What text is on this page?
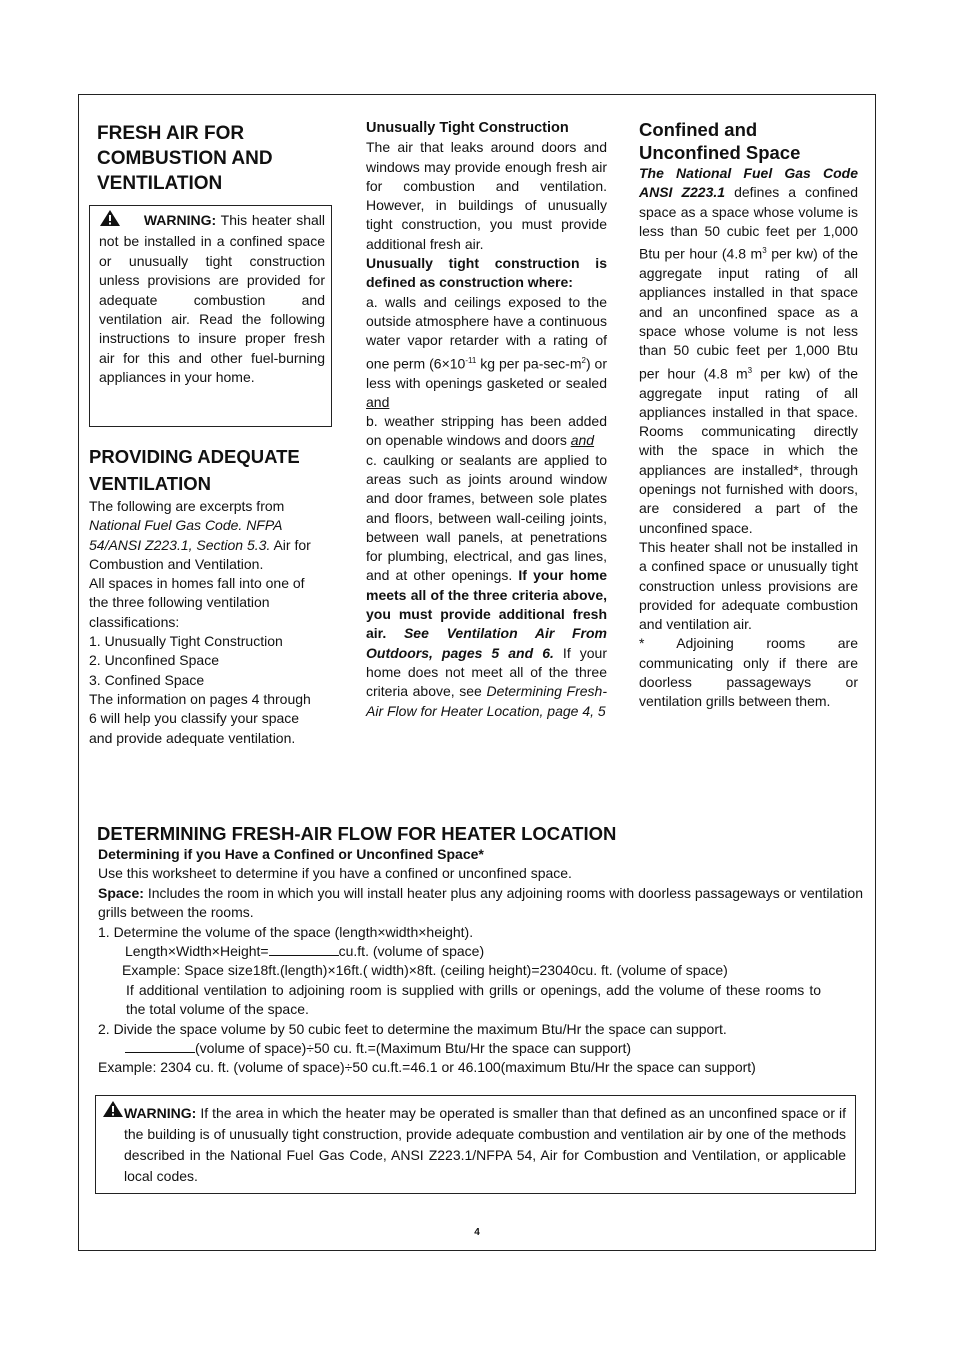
FRESH AIR FOR

COMBUSTION AND

VENTILATION

WARNING: This heater shall not be installed in a confined space or unusually tight construction unless provisions are provided for adequate combustion and ventilation air. Read the following instructions to insure proper fresh air for this and other fuel-burning appliances in your home.

PROVIDING ADEQUATE

VENTILATION

The following are excerpts from National Fuel Gas Code. NFPA 54/ANSI Z223.1, Section 5.3. Air for Combustion and Ventilation.

All spaces in homes fall into one of the three following ventilation classifications:

1. Unusually Tight Construction

2. Unconfined Space

3. Confined Space

The information on pages 4 through 6 will help you classify your space and provide adequate ventilation.

Unusually Tight Construction

The air that leaks around doors and windows may provide enough fresh air for combustion and ventilation. However, in buildings of unusually tight construction, you must provide additional fresh air.

Unusually tight construction is defined as construction where:

a. walls and ceilings exposed to the outside atmosphere have a continuous water vapor retarder with a rating of one perm ($6\times 10^{-11}$ kg per $pa-\sec-m^2$) or less with openings gasketed or sealed and

b. weather stripping has been added on openable windows and doors and

c. caulking or sealants are applied to areas such as joints around window and door frames, between sole plates and floors, between wall-ceiling joints, between wall panels, at penetrations for plumbing, electrical, and gas lines, and at other openings. If your home meets all of the three criteria above, you must provide additional fresh air. See Ventilation Air From Outdoors, pages 5 and 6. If your home does not meet all of the three criteria above, see Determining Fresh-Air Flow for Heater Location, page 4, 5

Confined and

Unconfined Space

The National Fuel Gas Code ANSI Z223.1 defines a confined space as a space whose volume is less than 50 cubic feet per 1,000 Btu per hour (4.8 $m^3$ per kw) of the aggregate input rating of all appliances installed in that space and an unconfined space as a space whose volume is not less than 50 cubic feet per 1,000 Btu per hour (4.8 $m^3$ per kw) of the aggregate input rating of all appliances installed in that space. Rooms communicating directly with the space in which the appliances are installed*, through openings not furnished with doors, are considered a part of the unconfined space.

This heater shall not be installed in a confined space or unusually tight construction unless provisions are provided for adequate combustion and ventilation air.

* Adjoining rooms are communicating only if there are doorless passageways or ventilation grills between them.

DETERMINING FRESH-AIR FLOW FOR HEATER LOCATION

Determining if you Have a Confined or Unconfined Space*

Use this worksheet to determine if you have a confined or unconfined space.

Space: Includes the room in which you will install heater plus any adjoining rooms with doorless passageways or ventilation grills between the rooms.

1. Determine the volume of the space (length×width×height).

Length×Width×Height=	cu.ft. (volume of space)

Example: Space size18ft.(length)×16ft.( width)×8ft. (ceiling height)=23040cu. ft. (volume of space)

If additional ventilation to adjoining room is supplied with grills or openings, add the volume of these rooms to the total volume of the space.

2. Divide the space volume by 50 cubic feet to determine the maximum Btu/Hr the space can support.

(volume of space)÷50 cu. ft.=(Maximum Btu/Hr the space can support)

Example: 2304 cu. ft. (volume of space)÷50 cu.ft.=46.1 or 46.100(maximum Btu/Hr the space can support)

WARNING: If the area in which the heater may be operated is smaller than that defined as an unconfined space or if the building is of unusually tight construction, provide adequate combustion and ventilation air by one of the methods described in the National Fuel Gas Code, ANSI Z223.1/NFPA 54, Air for Combustion and Ventilation, or applicable local codes.

4
